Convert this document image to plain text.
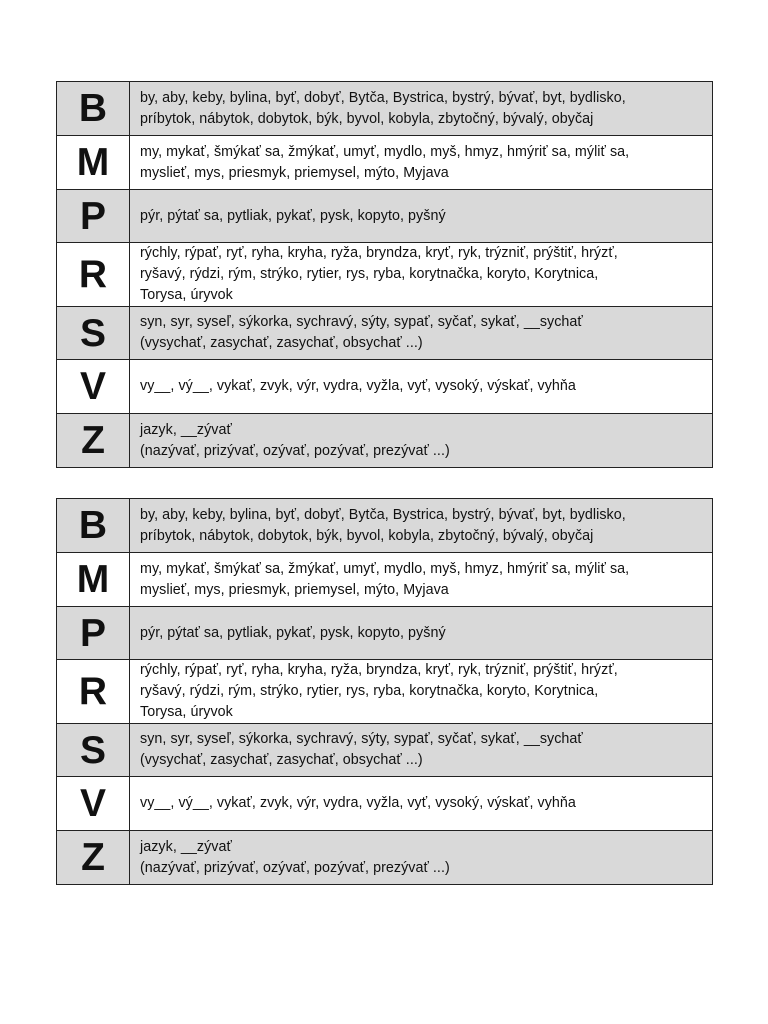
B	by, aby, keby, bylina, byť, dobyť, Bytča, Bystrica, bystrý, bývať, byt, bydlisko,
príbytok, nábytok, dobytok, býk, byvol, kobyla, zbytočný, bývalý, obyčaj

M	my, mykať, šmýkať sa, žmýkať, umyť, mydlo, myš, hmyz, hmýriť sa, mýliť sa,
myslieť, mys, priesmyk, priemysel, mýto, Myjava

P	pýr, pýtať sa, pytliak, pykať, pysk, kopyto, pyšný

R	rýchly, rýpať, ryť, ryha, kryha, ryža, bryndza, kryť, ryk, trýzniť, prýštiť, hrýzť,
ryšavý, rýdzi, rým, strýko, rytier, rys, ryba, korytnačka, koryto, Korytnica,
Torysa, úryvok

S	syn, syr, syseľ, sýkorka, sychravý, sýty, sypať, syčať, sykať, __sychať
(vysychať, zasychať, zasychať, obsychať ...)

V	vy__, vý__, vykať, zvyk, výr, vydra, vyžla, vyť, vysoký, výskať, vyhňa

Z	jazyk, __zývať
(nazývať, prizývať, ozývať, pozývať, prezývať ...)
B	by, aby, keby, bylina, byť, dobyť, Bytča, Bystrica, bystrý, bývať, byt, bydlisko,
príbytok, nábytok, dobytok, býk, byvol, kobyla, zbytočný, bývalý, obyčaj

M	my, mykať, šmýkať sa, žmýkať, umyť, mydlo, myš, hmyz, hmýriť sa, mýliť sa,
myslieť, mys, priesmyk, priemysel, mýto, Myjava

P	pýr, pýtať sa, pytliak, pykať, pysk, kopyto, pyšný

R	rýchly, rýpať, ryť, ryha, kryha, ryža, bryndza, kryť, ryk, trýzniť, prýštiť, hrýzť,
ryšavý, rýdzi, rým, strýko, rytier, rys, ryba, korytnačka, koryto, Korytnica,
Torysa, úryvok

S	syn, syr, syseľ, sýkorka, sychravý, sýty, sypať, syčať, sykať, __sychať
(vysychať, zasychať, zasychať, obsychať ...)

V	vy__, vý__, vykať, zvyk, výr, vydra, vyžla, vyť, vysoký, výskať, vyhňa

Z	jazyk, __zývať
(nazývať, prizývať, ozývať, pozývať, prezývať ...)
